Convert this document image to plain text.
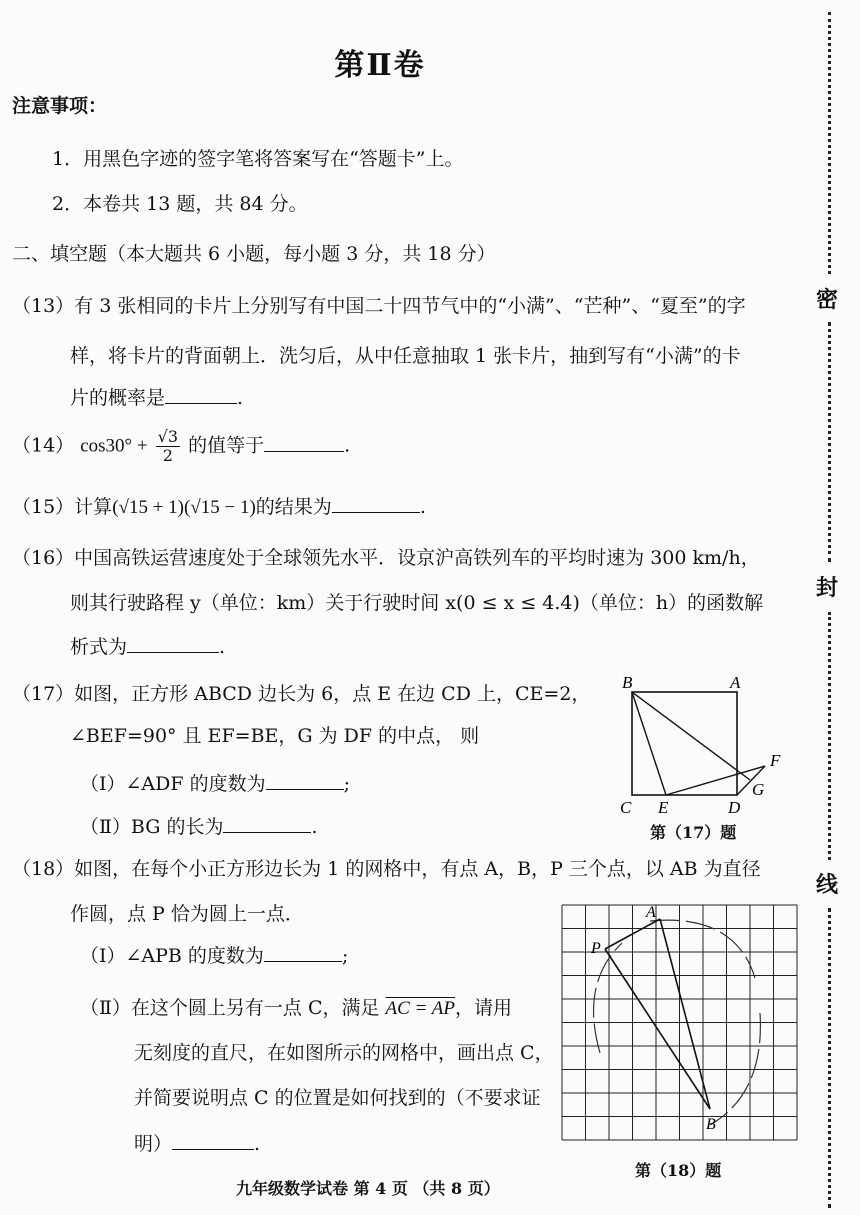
第Ⅱ卷
注意事项：
1．用黑色字迹的签字笔将答案写在“答题卡”上。
2．本卷共 13 题，共 84 分。
二、填空题（本大题共 6 小题，每小题 3 分，共 18 分）
（13）有 3 张相同的卡片上分别写有中国二十四节气中的“小满”、“芒种”、“夏至”的字
样，将卡片的背面朝上．洗匀后，从中任意抽取 1 张卡片，抽到写有“小满”的卡
片的概率是	.
（14） $\cos 30^\circ + \frac{√3}{2}$ 的值等于	.
（15）计算(√15 + 1)(√15 − 1)的结果为	.
（16）中国高铁运营速度处于全球领先水平．设京沪高铁列车的平均时速为 300 km/h，
则其行驶路程 y（单位：km）关于行驶时间 x(0 ≤ x ≤ 4.4)（单位：h）的函数解
析式为	.
（17）如图，正方形 ABCD 边长为 6，点 E 在边 CD 上，CE=2，
∠BEF=90° 且 EF=BE，G 为 DF 的中点， 则
（Ⅰ）∠ADF 的度数为	;
（Ⅱ）BG 的长为	.
B	A
C E	D
F
G
第（17）题
（18）如图，在每个小正方形边长为 1 的网格中，有点 A，B，P 三个点，以 AB 为直径
作圆，点 P 恰为圆上一点．
（Ⅰ）∠APB 的度数为	;
（Ⅱ）在这个圆上另有一点 C，满足 AC = AP，请用
无刻度的直尺，在如图所示的网格中，画出点 C，
并简要说明点 C 的位置是如何找到的（不要求证
明）	.
A
P
B
第（18）题
九年级数学试卷 第 4 页 （共 8 页）
密
封
线
